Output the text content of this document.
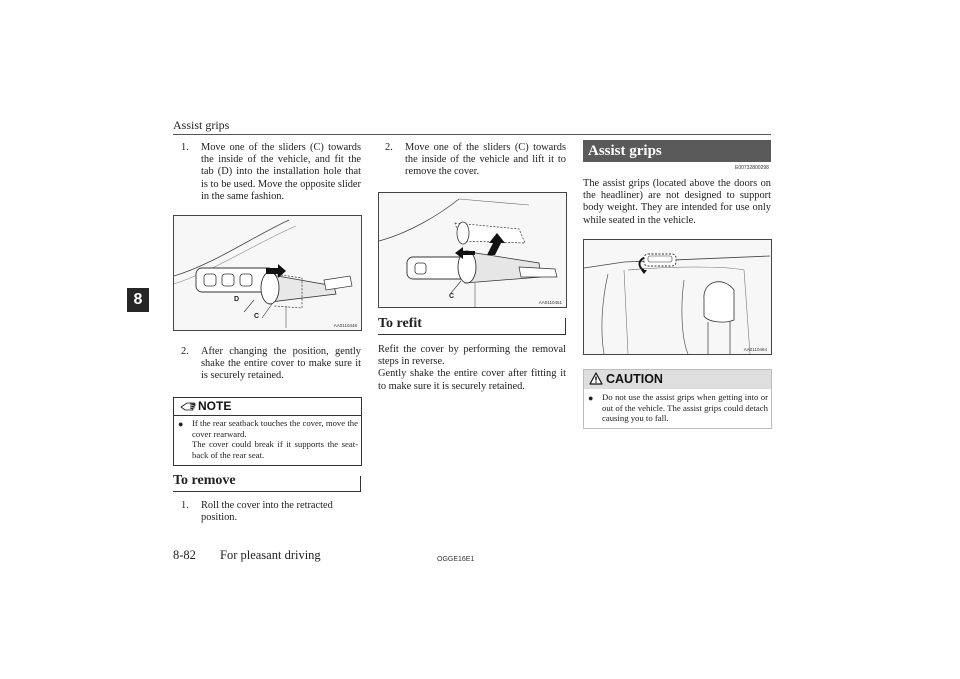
Assist grips
8
1. Move one of the sliders (C) towards the inside of the vehicle, and fit the tab (D) into the installation hole that is to be used. Move the opposite slider in the same fashion.
D
C
AA0110448
2. After changing the position, gently shake the entire cover to make sure it is securely retained.
NOTE
● If the rear seatback touches the cover, move the cover rearward.
The cover could break if it supports the seat-back of the rear seat.
To remove
1. Roll the cover into the retracted position.
2. Move one of the sliders (C) towards the inside of the vehicle and lift it to remove the cover.
C
AA0110451
To refit
Refit the cover by performing the removal steps in reverse.
Gently shake the entire cover after fitting it to make sure it is securely retained.
Assist grips
E00732800298
The assist grips (located above the doors on the headliner) are not designed to support body weight. They are intended for use only while seated in the vehicle.
AA0110464
CAUTION
● Do not use the assist grips when getting into or out of the vehicle. The assist grips could detach causing you to fall.
8-82 For pleasant driving	OGGE16E1
